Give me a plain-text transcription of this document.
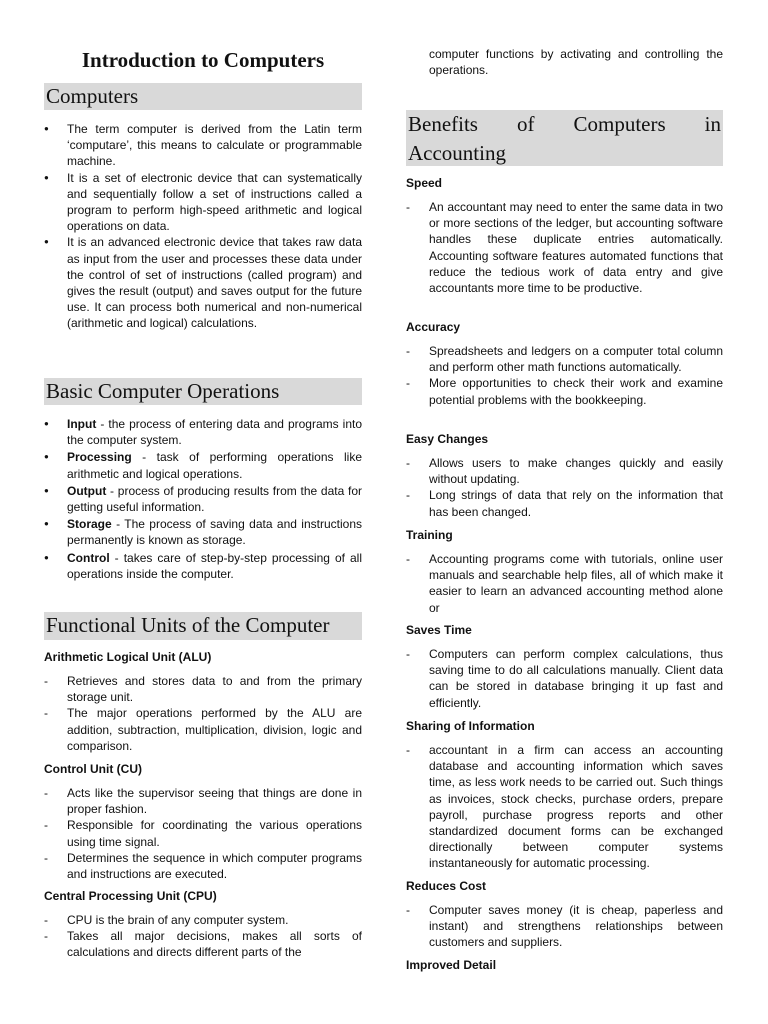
Introduction to Computers
Computers
● The term computer is derived from the Latin term ‘computare’, this means to calculate or programmable machine.
● It is a set of electronic device that can systematically and sequentially follow a set of instructions called a program to perform high-speed arithmetic and logical operations on data.
● It is an advanced electronic device that takes raw data as input from the user and processes these data under the control of set of instructions (called program) and gives the result (output) and saves output for the future use. It can process both numerical and non-numerical (arithmetic and logical) calculations.
Basic Computer Operations
● Input - the process of entering data and programs into the computer system.
● Processing - task of performing operations like arithmetic and logical operations.
● Output - process of producing results from the data for getting useful information.
● Storage - The process of saving data and instructions permanently is known as storage.
● Control - takes care of step-by-step processing of all operations inside the computer.
Functional Units of the Computer
Arithmetic Logical Unit (ALU)
- Retrieves and stores data to and from the primary storage unit.
- The major operations performed by the ALU are addition, subtraction, multiplication, division, logic and comparison.
Control Unit (CU)
- Acts like the supervisor seeing that things are done in proper fashion.
- Responsible for coordinating the various operations using time signal.
- Determines the sequence in which computer programs and instructions are executed.
Central Processing Unit (CPU)
- CPU is the brain of any computer system.
- Takes all major decisions, makes all sorts of calculations and directs different parts of the

computer functions by activating and controlling the operations.

Benefits of Computers in Accounting
Speed
- An accountant may need to enter the same data in two or more sections of the ledger, but accounting software handles these duplicate entries automatically. Accounting software features automated functions that reduce the tedious work of data entry and give accountants more time to be productive.
Accuracy
- Spreadsheets and ledgers on a computer total column and perform other math functions automatically.
- More opportunities to check their work and examine potential problems with the bookkeeping.
Easy Changes
- Allows users to make changes quickly and easily without updating.
- Long strings of data that rely on the information that has been changed.
Training
- Accounting programs come with tutorials, online user manuals and searchable help files, all of which make it easier to learn an advanced accounting method alone or
Saves Time
- Computers can perform complex calculations, thus saving time to do all calculations manually. Client data can be stored in database bringing it up fast and efficiently.
Sharing of Information
- accountant in a firm can access an accounting database and accounting information which saves time, as less work needs to be carried out. Such things as invoices, stock checks, purchase orders, prepare payroll, purchase progress reports and other standardized document forms can be exchanged directionally between computer systems instantaneously for automatic processing.
Reduces Cost
- Computer saves money (it is cheap, paperless and instant) and strengthens relationships between customers and suppliers.
Improved Detail
